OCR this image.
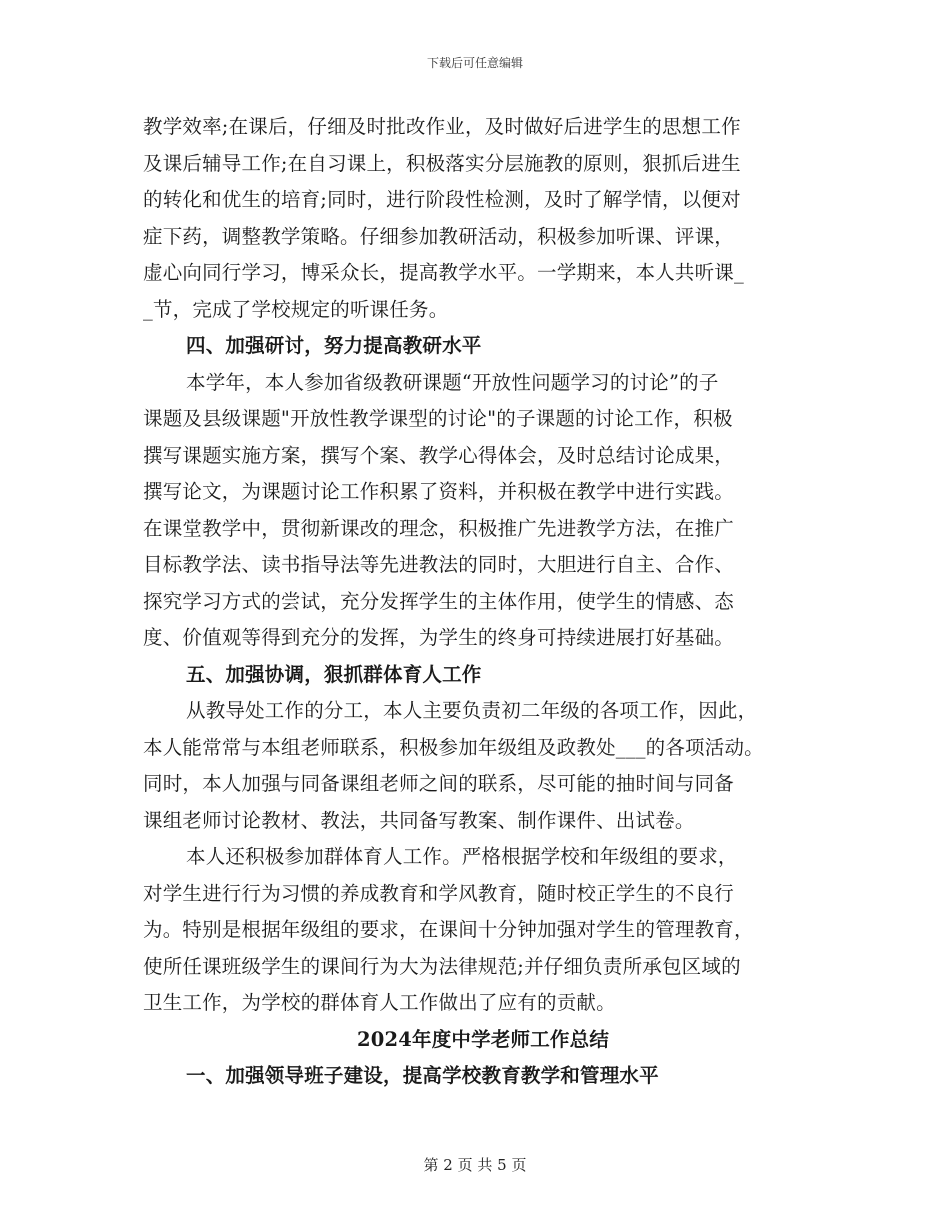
下载后可任意编辑
教学效率;在课后，仔细及时批改作业，及时做好后进学生的思想工作
及课后辅导工作;在自习课上，积极落实分层施教的原则，狠抓后进生
的转化和优生的培育;同时，进行阶段性检测，及时了解学情，以便对
症下药，调整教学策略。仔细参加教研活动，积极参加听课、评课，
虚心向同行学习，博采众长，提高教学水平。一学期来，本人共听课_
_节，完成了学校规定的听课任务。
四、加强研讨，努力提高教研水平
本学年，本人参加省级教研课题“开放性问题学习的讨论”的子
课题及县级课题"开放性教学课型的讨论"的子课题的讨论工作，积极
撰写课题实施方案，撰写个案、教学心得体会，及时总结讨论成果，
撰写论文，为课题讨论工作积累了资料，并积极在教学中进行实践。
在课堂教学中，贯彻新课改的理念，积极推广先进教学方法，在推广
目标教学法、读书指导法等先进教法的同时，大胆进行自主、合作、
探究学习方式的尝试，充分发挥学生的主体作用，使学生的情感、态
度、价值观等得到充分的发挥，为学生的终身可持续进展打好基础。
五、加强协调，狠抓群体育人工作
从教导处工作的分工，本人主要负责初二年级的各项工作，因此，
本人能常常与本组老师联系，积极参加年级组及政教处___的各项活动。
同时，本人加强与同备课组老师之间的联系，尽可能的抽时间与同备
课组老师讨论教材、教法，共同备写教案、制作课件、出试卷。
本人还积极参加群体育人工作。严格根据学校和年级组的要求，
对学生进行行为习惯的养成教育和学风教育，随时校正学生的不良行
为。特别是根据年级组的要求，在课间十分钟加强对学生的管理教育，
使所任课班级学生的课间行为大为法律规范;并仔细负责所承包区域的
卫生工作，为学校的群体育人工作做出了应有的贡献。
2024年度中学老师工作总结
一、加强领导班子建设，提高学校教育教学和管理水平
第 2 页 共 5 页
